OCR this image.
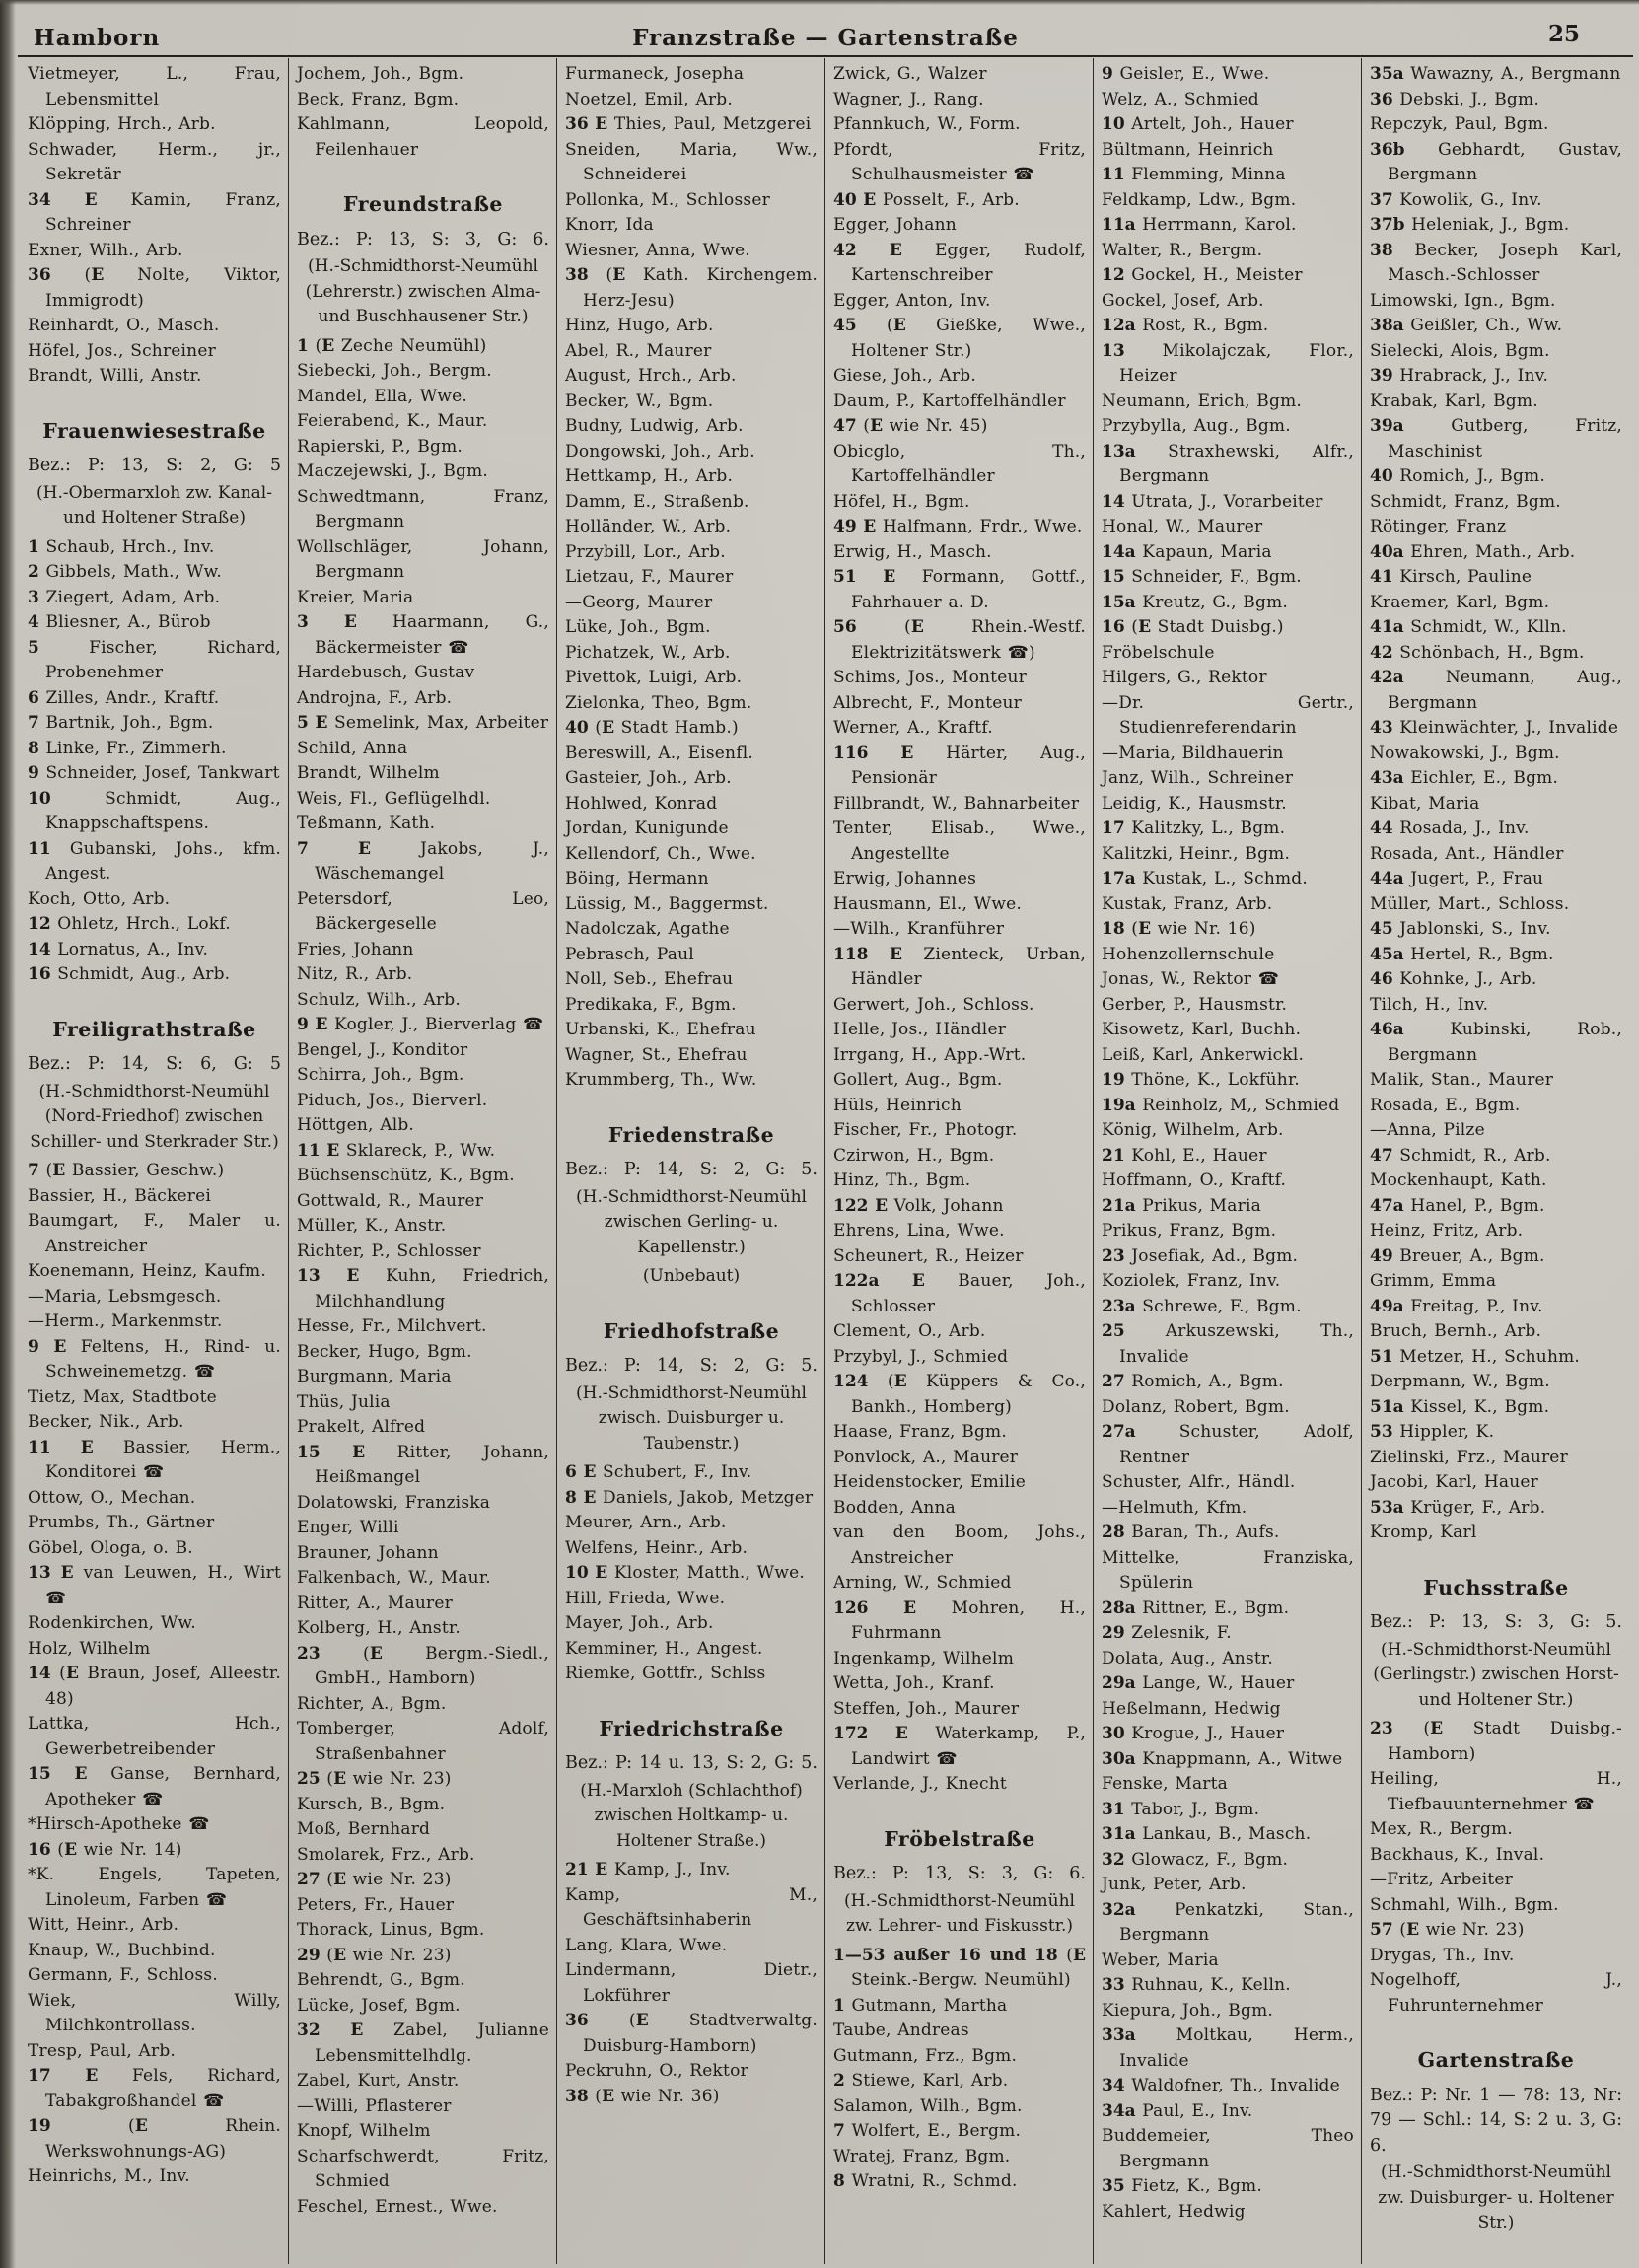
Hamborn	Franzstraße — Gartenstraße	25
Vietmeyer, L., Frau, Lebensmittel
Klöpping, Hrch., Arb.
Schwader, Herm., jr., Sekretär
34 E Kamin, Franz, Schreiner
Exner, Wilh., Arb.
36 (E Nolte, Viktor, Immigrodt)
Reinhardt, O., Masch.
Höfel, Jos., Schreiner
Brandt, Willi, Anstr.
Frauenwiesestraße
Bez.: P: 13, S: 2, G: 5
(H.-Obermarxloh zw. Kanal- und Holtener Straße)
1 Schaub, Hrch., Inv.
2 Gibbels, Math., Ww.
3 Ziegert, Adam, Arb.
4 Bliesner, A., Bürob
5 Fischer, Richard, Probenehmer
6 Zilles, Andr., Kraftf.
7 Bartnik, Joh., Bgm.
8 Linke, Fr., Zimmerh.
9 Schneider, Josef, Tankwart
10 Schmidt, Aug., Knappschaftspens.
11 Gubanski, Johs., kfm. Angest.
Koch, Otto, Arb.
12 Ohletz, Hrch., Lokf.
14 Lornatus, A., Inv.
16 Schmidt, Aug., Arb.
Freiligrathstraße
Bez.: P: 14, S: 6, G: 5
(H.-Schmidthorst-Neumühl (Nord-Friedhof) zwischen Schiller- und Sterkrader Str.)
7 (E Bassier, Geschw.)
Bassier, H., Bäckerei
Baumgart, F., Maler u. Anstreicher
Koenemann, Heinz, Kaufm.
—Maria, Lebsmgesch.
—Herm., Markenmstr.
9 E Feltens, H., Rind- u. Schweinemetzg. ☎
Tietz, Max, Stadtbote
Becker, Nik., Arb.
11 E Bassier, Herm., Konditorei ☎
Ottow, O., Mechan.
Prumbs, Th., Gärtner
Göbel, Ologa, o. B.
13 E van Leuwen, H., Wirt ☎
Rodenkirchen, Ww.
Holz, Wilhelm
14 (E Braun, Josef, Alleestr. 48)
Lattka, Hch., Gewerbetreibender
15 E Ganse, Bernhard, Apotheker ☎
*Hirsch-Apotheke ☎
16 (E wie Nr. 14)
*K. Engels, Tapeten, Linoleum, Farben ☎
Witt, Heinr., Arb.
Knaup, W., Buchbind.
Germann, F., Schloss.
Wiek, Willy, Milchkontrollass.
Tresp, Paul, Arb.
17 E Fels, Richard, Tabakgroßhandel ☎
19 (E Rhein. Werkswohnungs-AG)
Heinrichs, M., Inv.
Jochem, Joh., Bgm.
Beck, Franz, Bgm.
Kahlmann, Leopold, Feilenhauer
Freundstraße
Bez.: P: 13, S: 3, G: 6.
(H.-Schmidthorst-Neumühl (Lehrerstr.) zwischen Alma- und Buschhausener Str.)
1 (E Zeche Neumühl)
Siebecki, Joh., Bergm.
Mandel, Ella, Wwe.
Feierabend, K., Maur.
Rapierski, P., Bgm.
Maczejewski, J., Bgm.
Schwedtmann, Franz, Bergmann
Wollschläger, Johann, Bergmann
Kreier, Maria
3 E Haarmann, G., Bäckermeister ☎
Hardebusch, Gustav
Androjna, F., Arb.
5 E Semelink, Max, Arbeiter
Schild, Anna
Brandt, Wilhelm
Weis, Fl., Geflügelhdl.
Teßmann, Kath.
7	E Jakobs, J., Wäschemangel
Petersdorf, Leo, Bäckergeselle
Fries, Johann
Nitz, R., Arb.
Schulz, Wilh., Arb.
9 E Kogler, J., Bierverlag ☎
Bengel, J., Konditor
Schirra, Joh., Bgm.
Piduch, Jos., Bierverl.
Höttgen, Alb.
11 E Sklareck, P., Ww.
Büchsenschütz, K., Bgm.
Gottwald, R., Maurer
Müller, K., Anstr.
Richter, P., Schlosser
13 E Kuhn, Friedrich, Milchhandlung
Hesse, Fr., Milchvert.
Becker, Hugo, Bgm.
Burgmann, Maria
Thüs, Julia
Prakelt, Alfred
15 E Ritter, Johann, Heißmangel
Dolatowski, Franziska
Enger, Willi
Brauner, Johann
Falkenbach, W., Maur.
Ritter, A., Maurer
Kolberg, H., Anstr.
23 (E Bergm.-Siedl., GmbH., Hamborn)
Richter, A., Bgm.
Tomberger, Adolf, Straßenbahner
25 (E wie Nr. 23)
Kursch, B., Bgm.
Moß, Bernhard
Smolarek, Frz., Arb.
27 (E wie Nr. 23)
Peters, Fr., Hauer
Thorack, Linus, Bgm.
29 (E wie Nr. 23)
Behrendt, G., Bgm.
Lücke, Josef, Bgm.
32 E Zabel, Julianne Lebensmittelhdlg.
Zabel, Kurt, Anstr.
—Willi, Pflasterer
Knopf, Wilhelm
Scharfschwerdt, Fritz, Schmied
Feschel, Ernest., Wwe.
Furmaneck, Josepha
Noetzel, Emil, Arb.
36 E Thies, Paul, Metzgerei
Sneiden, Maria, Ww., Schneiderei
Pollonka, M., Schlosser
Knorr, Ida
Wiesner, Anna, Wwe.
38 (E Kath. Kirchengem. Herz-Jesu)
Hinz, Hugo, Arb.
Abel, R., Maurer
August, Hrch., Arb.
Becker, W., Bgm.
Budny, Ludwig, Arb.
Dongowski, Joh., Arb.
Hettkamp, H., Arb.
Damm, E., Straßenb.
Holländer, W., Arb.
Przybill, Lor., Arb.
Lietzau, F., Maurer
—Georg, Maurer
Lüke, Joh., Bgm.
Pichatzek, W., Arb.
Pivettok, Luigi, Arb.
Zielonka, Theo, Bgm.
40 (E Stadt Hamb.)
Bereswill, A., Eisenfl.
Gasteier, Joh., Arb.
Hohlwed, Konrad
Jordan, Kunigunde
Kellendorf, Ch., Wwe.
Böing, Hermann
Lüssig, M., Baggermst.
Nadolczak, Agathe
Pebrasch, Paul
Noll, Seb., Ehefrau
Predikaka, F., Bgm.
Urbanski, K., Ehefrau
Wagner, St., Ehefrau
Krummberg, Th., Ww.
Friedenstraße
Bez.: P: 14, S: 2, G: 5.
(H.-Schmidthorst-Neumühl zwischen Gerling- u. Kapellenstr.)
(Unbebaut)
Friedhofstraße
Bez.: P: 14, S: 2, G: 5.
(H.-Schmidthorst-Neumühl zwisch. Duisburger u. Taubenstr.)
6 E Schubert, F., Inv.
8 E Daniels, Jakob, Metzger
Meurer, Arn., Arb.
Welfens, Heinr., Arb.
10 E Kloster, Matth., Wwe.
Hill, Frieda, Wwe.
Mayer, Joh., Arb.
Kemminer, H., Angest.
Riemke, Gottfr., Schlss
Friedrichstraße
Bez.: P: 14 u. 13, S: 2, G: 5.
(H.-Marxloh (Schlachthof) zwischen Holtkamp- u. Holtener Straße.)
21 E Kamp, J., Inv.
Kamp, M., Geschäftsinhaberin
Lang, Klara, Wwe.
Lindermann, Dietr., Lokführer
36 (E Stadtverwaltg. Duisburg-Hamborn)
Peckruhn, O., Rektor
38 (E wie Nr. 36)
Zwick, G., Walzer
Wagner, J., Rang.
Pfannkuch, W., Form.
Pfordt, Fritz, Schulhausmeister ☎
40 E Posselt, F., Arb.
Egger, Johann
42 E Egger, Rudolf, Kartenschreiber
Egger, Anton, Inv.
45 (E Gießke, Wwe., Holtener Str.)
Giese, Joh., Arb.
Daum, P., Kartoffelhändler
47 (E wie Nr. 45)
Obicglo, Th., Kartoffelhändler
Höfel, H., Bgm.
49 E Halfmann, Frdr., Wwe.
Erwig, H., Masch.
51 E Formann, Gottf., Fahrhauer a. D.
56 (E Rhein.-Westf. Elektrizitätswerk ☎)
Schims, Jos., Monteur
Albrecht, F., Monteur
Werner, A., Kraftf.
116 E Härter, Aug., Pensionär
Fillbrandt, W., Bahnarbeiter
Tenter, Elisab., Wwe., Angestellte
Erwig, Johannes
Hausmann, El., Wwe.
—Wilh., Kranführer
118 E Zienteck, Urban, Händler
Gerwert, Joh., Schloss.
Helle, Jos., Händler
Irrgang, H., App.-Wrt.
Gollert, Aug., Bgm.
Hüls, Heinrich
Fischer, Fr., Photogr.
Czirwon, H., Bgm.
Hinz, Th., Bgm.
122 E Volk, Johann
Ehrens, Lina, Wwe.
Scheunert, R., Heizer
122a E Bauer, Joh., Schlosser
Clement, O., Arb.
Przybyl, J., Schmied
124 (E Küppers & Co., Bankh., Homberg)
Haase, Franz, Bgm.
Ponvlock, A., Maurer
Heidenstocker, Emilie
Bodden, Anna
van den Boom, Johs., Anstreicher
Arning, W., Schmied
126 E Mohren, H., Fuhrmann
Ingenkamp, Wilhelm
Wetta, Joh., Kranf.
Steffen, Joh., Maurer
172 E Waterkamp, P., Landwirt ☎
Verlande, J., Knecht
Fröbelstraße
Bez.: P: 13, S: 3, G: 6.
(H.-Schmidthorst-Neumühl zw. Lehrer- und Fiskusstr.)
1—53 außer 16 und 18 (E Steink.-Bergw. Neumühl)
1 Gutmann, Martha
Taube, Andreas
Gutmann, Frz., Bgm.
2 Stiewe, Karl, Arb.
Salamon, Wilh., Bgm.
7 Wolfert, E., Bergm.
Wratej, Franz, Bgm.
8 Wratni, R., Schmd.
9 Geisler, E., Wwe.
Welz, A., Schmied
10 Artelt, Joh., Hauer
Bültmann, Heinrich
11 Flemming, Minna
Feldkamp, Ldw., Bgm.
11a Herrmann, Karol.
Walter, R., Bergm.
12 Gockel, H., Meister
Gockel, Josef, Arb.
12a Rost, R., Bgm.
13 Mikolajczak, Flor., Heizer
Neumann, Erich, Bgm.
Przybylla, Aug., Bgm.
13a Straxhewski, Alfr., Bergmann
14 Utrata, J., Vorarbeiter
Honal, W., Maurer
14a Kapaun, Maria
15 Schneider, F., Bgm.
15a Kreutz, G., Bgm.
16 (E Stadt Duisbg.)
Fröbelschule
Hilgers, G., Rektor
—Dr. Gertr., Studienreferendarin
—Maria, Bildhauerin
Janz, Wilh., Schreiner
Leidig, K., Hausmstr.
17 Kalitzky, L., Bgm.
Kalitzki, Heinr., Bgm.
17a Kustak, L., Schmd.
Kustak, Franz, Arb.
18 (E wie Nr. 16)
Hohenzollernschule
Jonas, W., Rektor ☎
Gerber, P., Hausmstr.
Kisowetz, Karl, Buchh.
Leiß, Karl, Ankerwickl.
19 Thöne, K., Lokführ.
19a Reinholz, M,, Schmied
König, Wilhelm, Arb.
21 Kohl, E., Hauer
Hoffmann, O., Kraftf.
21a Prikus, Maria
Prikus, Franz, Bgm.
23 Josefiak, Ad., Bgm.
Koziolek, Franz, Inv.
23a Schrewe, F., Bgm.
25 Arkuszewski, Th., Invalide
27 Romich, A., Bgm.
Dolanz, Robert, Bgm.
27a Schuster, Adolf, Rentner
Schuster, Alfr., Händl.
—Helmuth, Kfm.
28 Baran, Th., Aufs.
Mittelke, Franziska, Spülerin
28a Rittner, E., Bgm.
29 Zelesnik, F.
Dolata, Aug., Anstr.
29a Lange, W., Hauer
Heßelmann, Hedwig
30 Krogue, J., Hauer
30a Knappmann, A., Witwe
Fenske, Marta
31 Tabor, J., Bgm.
31a Lankau, B., Masch.
32 Glowacz, F., Bgm.
Junk, Peter, Arb.
32a Penkatzki, Stan., Bergmann
Weber, Maria
33 Ruhnau, K., Kelln.
Kiepura, Joh., Bgm.
33a Moltkau, Herm., Invalide
34 Waldofner, Th., Invalide
34a Paul, E., Inv.
Buddemeier, Theo Bergmann
35 Fietz, K., Bgm.
Kahlert, Hedwig
35a Wawazny, A., Bergmann
36 Debski, J., Bgm.
Repczyk, Paul, Bgm.
36b Gebhardt, Gustav, Bergmann
37 Kowolik, G., Inv.
37b Heleniak, J., Bgm.
38 Becker, Joseph Karl, Masch.-Schlosser
Limowski, Ign., Bgm.
38a Geißler, Ch., Ww.
Sielecki, Alois, Bgm.
39 Hrabrack, J., Inv.
Krabak, Karl, Bgm.
39a Gutberg, Fritz, Maschinist
40 Romich, J., Bgm.
Schmidt, Franz, Bgm.
Rötinger, Franz
40a Ehren, Math., Arb.
41 Kirsch, Pauline
Kraemer, Karl, Bgm.
41a Schmidt, W., Klln.
42 Schönbach, H., Bgm.
42a Neumann, Aug., Bergmann
43 Kleinwächter, J., Invalide
Nowakowski, J., Bgm.
43a Eichler, E., Bgm.
Kibat, Maria
44 Rosada, J., Inv.
Rosada, Ant., Händler
44a Jugert, P., Frau
Müller, Mart., Schloss.
45 Jablonski, S., Inv.
45a Hertel, R., Bgm.
46 Kohnke, J., Arb.
Tilch, H., Inv.
46a Kubinski, Rob., Bergmann
Malik, Stan., Maurer
Rosada, E., Bgm.
—Anna, Pilze
47 Schmidt, R., Arb.
Mockenhaupt, Kath.
47a Hanel, P., Bgm.
Heinz, Fritz, Arb.
49 Breuer, A., Bgm.
Grimm, Emma
49a Freitag, P., Inv.
Bruch, Bernh., Arb.
51 Metzer, H., Schuhm.
Derpmann, W., Bgm.
51a Kissel, K., Bgm.
53 Hippler, K.
Zielinski, Frz., Maurer
Jacobi, Karl, Hauer
53a Krüger, F., Arb.
Kromp, Karl
Fuchsstraße
Bez.: P: 13, S: 3, G: 5.
(H.-Schmidthorst-Neumühl (Gerlingstr.) zwischen Horst- und Holtener Str.)
23 (E Stadt Duisbg.-Hamborn)
Heiling, H., Tiefbauunternehmer ☎
Mex, R., Bergm.
Backhaus, K., Inval.
—Fritz, Arbeiter
Schmahl, Wilh., Bgm.
57 (E wie Nr. 23)
Drygas, Th., Inv.
Nogelhoff, J., Fuhrunternehmer
Gartenstraße
Bez.: P: Nr. 1 — 78: 13, Nr: 79 — Schl.: 14, S: 2 u. 3, G: 6.
(H.-Schmidthorst-Neumühl zw. Duisburger- u. Holtener Str.)
